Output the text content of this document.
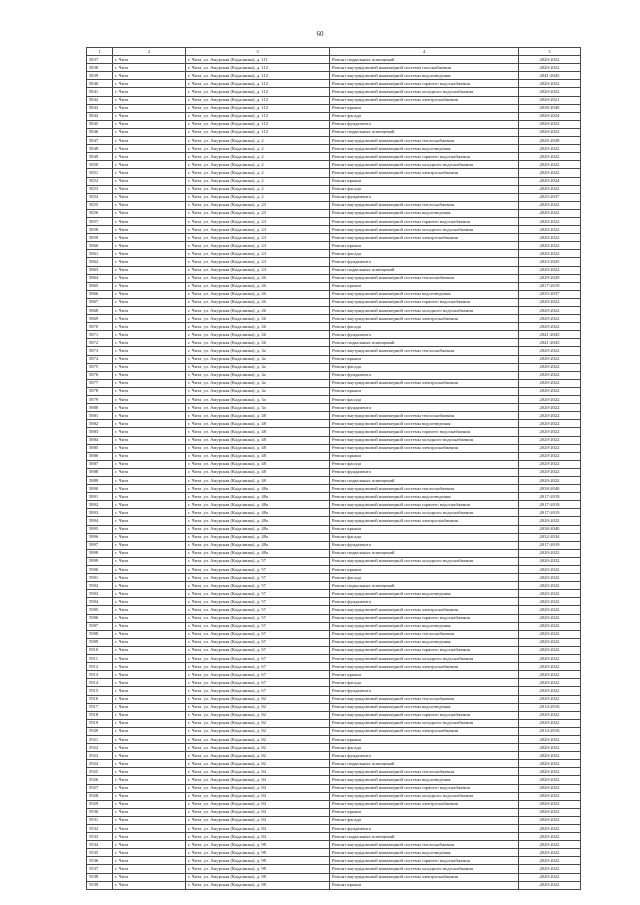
60
1	2	3	4	5
5837	г. Чита	г. Чита, ул. Амурская (Кадалинка), д. 111	Ремонт подвальных помещений	2020-2022
5838	г. Чита	г. Чита, ул. Амурская (Кадалинка), д. 112	Ремонт внутридомовой инженерной системы газоснабжения	2020-2022
5839	г. Чита	г. Чита, ул. Амурская (Кадалинка), д. 112	Ремонт внутридомовой инженерной системы водоотведения	2041-2043
5840	г. Чита	г. Чита, ул. Амурская (Кадалинка), д. 112	Ремонт внутридомовой инженерной системы горячего водоснабжения	2020-2022
5841	г. Чита	г. Чита, ул. Амурская (Кадалинка), д. 112	Ремонт внутридомовой инженерной системы холодного водоснабжения	2020-2022
5842	г. Чита	г. Чита, ул. Амурская (Кадалинка), д. 112	Ремонт внутридомовой инженерной системы электроснабжения	2020-2021
5843	г. Чита	г. Чита, ул. Амурская (Кадалинка), д. 112	Ремонт крыши	2038-2040
5844	г. Чита	г. Чита, ул. Амурская (Кадалинка), д. 112	Ремонт фасада	2020-2024
5845	г. Чита	г. Чита, ул. Амурская (Кадалинка), д. 112	Ремонт фундамента	2020-2022
5846	г. Чита	г. Чита, ул. Амурская (Кадалинка), д. 112	Ремонт подвальных помещений	2020-2022
5847	г. Чита	г. Чита, ул. Амурская (Кадалинка), д. 2	Ремонт внутридомовой инженерной системы теплоснабжения	2026-2028
5848	г. Чита	г. Чита, ул. Амурская (Кадалинка), д. 2	Ремонт внутридомовой инженерной системы водоотведения	2020-2022
5849	г. Чита	г. Чита, ул. Амурская (Кадалинка), д. 2	Ремонт внутридомовой инженерной системы горячего водоснабжения	2020-2022
5850	г. Чита	г. Чита, ул. Амурская (Кадалинка), д. 2	Ремонт внутридомовой инженерной системы холодного водоснабжения	2020-2022
5851	г. Чита	г. Чита, ул. Амурская (Кадалинка), д. 2	Ремонт внутридомовой инженерной системы электроснабжения	2020-2022
5852	г. Чита	г. Чита, ул. Амурская (Кадалинка), д. 2	Ремонт крыши	2020-2024
5853	г. Чита	г. Чита, ул. Амурская (Кадалинка), д. 2	Ремонт фасада	2020-2022
5854	г. Чита	г. Чита, ул. Амурская (Кадалинка), д. 2	Ремонт фундамента	2035-2037
5855	г. Чита	г. Чита, ул. Амурская (Кадалинка), д. 23	Ремонт внутридомовой инженерной системы теплоснабжения	2020-2022
5856	г. Чита	г. Чита, ул. Амурская (Кадалинка), д. 23	Ремонт внутридомовой инженерной системы водоотведения	2020-2022
5857	г. Чита	г. Чита, ул. Амурская (Кадалинка), д. 23	Ремонт внутридомовой инженерной системы горячего водоснабжения	2020-2022
5858	г. Чита	г. Чита, ул. Амурская (Кадалинка), д. 23	Ремонт внутридомовой инженерной системы холодного водоснабжения	2020-2022
5859	г. Чита	г. Чита, ул. Амурская (Кадалинка), д. 23	Ремонт внутридомовой инженерной системы электроснабжения	2020-2022
5860	г. Чита	г. Чита, ул. Амурская (Кадалинка), д. 23	Ремонт крыши	2020-2022
5861	г. Чита	г. Чита, ул. Амурская (Кадалинка), д. 23	Ремонт фасада	2020-2022
5862	г. Чита	г. Чита, ул. Амурская (Кадалинка), д. 23	Ремонт фундамента	2023-2025
5863	г. Чита	г. Чита, ул. Амурская (Кадалинка), д. 23	Ремонт подвальных помещений	2020-2022
5864	г. Чита	г. Чита, ул. Амурская (Кадалинка), д. 26	Ремонт внутридомовой инженерной системы теплоснабжения	2029-2029
5865	г. Чита	г. Чита, ул. Амурская (Кадалинка), д. 26	Ремонт крыши	2017-2019
5866	г. Чита	г. Чита, ул. Амурская (Кадалинка), д. 26	Ремонт внутридомовой инженерной системы водоотведения	2035-2037
5867	г. Чита	г. Чита, ул. Амурская (Кадалинка), д. 26	Ремонт внутридомовой инженерной системы горячего водоснабжения	2020-2022
5868	г. Чита	г. Чита, ул. Амурская (Кадалинка), д. 26	Ремонт внутридомовой инженерной системы холодного водоснабжения	2020-2022
5869	г. Чита	г. Чита, ул. Амурская (Кадалинка), д. 26	Ремонт внутридомовой инженерной системы электроснабжения	2020-2022
5870	г. Чита	г. Чита, ул. Амурская (Кадалинка), д. 26	Ремонт фасада	2020-2022
5871	г. Чита	г. Чита, ул. Амурская (Кадалинка), д. 26	Ремонт фундамента	2041-2043
5872	г. Чита	г. Чита, ул. Амурская (Кадалинка), д. 26	Ремонт подвальных помещений	2041-2043
5873	г. Чита	г. Чита, ул. Амурская (Кадалинка), д. 3а	Ремонт внутридомовой инженерной системы теплоснабжения	2020-2022
5874	г. Чита	г. Чита, ул. Амурская (Кадалинка), д. 3а	Ремонт крыши	2020-2022
5875	г. Чита	г. Чита, ул. Амурская (Кадалинка), д. 3а	Ремонт фасада	2020-2022
5876	г. Чита	г. Чита, ул. Амурская (Кадалинка), д. 3а	Ремонт фундамента	2020-2022
5877	г. Чита	г. Чита, ул. Амурская (Кадалинка), д. 3а	Ремонт внутридомовой инженерной системы электроснабжения	2020-2022
5878	г. Чита	г. Чита, ул. Амурская (Кадалинка), д. 3а	Ремонт крыши	2020-2022
5879	г. Чита	г. Чита, ул. Амурская (Кадалинка), д. 3а	Ремонт фасада	2020-2022
5880	г. Чита	г. Чита, ул. Амурская (Кадалинка), д. 3а	Ремонт фундамента	2020-2022
5881	г. Чита	г. Чита, ул. Амурская (Кадалинка), д. 48	Ремонт внутридомовой инженерной системы теплоснабжения	2020-2022
5882	г. Чита	г. Чита, ул. Амурская (Кадалинка), д. 48	Ремонт внутридомовой инженерной системы водоотведения	2020-2022
5883	г. Чита	г. Чита, ул. Амурская (Кадалинка), д. 48	Ремонт внутридомовой инженерной системы горячего водоснабжения	2020-2022
5884	г. Чита	г. Чита, ул. Амурская (Кадалинка), д. 48	Ремонт внутридомовой инженерной системы холодного водоснабжения	2020-2022
5885	г. Чита	г. Чита, ул. Амурская (Кадалинка), д. 48	Ремонт внутридомовой инженерной системы электроснабжения	2020-2022
5886	г. Чита	г. Чита, ул. Амурская (Кадалинка), д. 48	Ремонт крыши	2020-2022
5887	г. Чита	г. Чита, ул. Амурская (Кадалинка), д. 48	Ремонт фасада	2020-2022
5888	г. Чита	г. Чита, ул. Амурская (Кадалинка), д. 48	Ремонт фундамента	2020-2022
5889	г. Чита	г. Чита, ул. Амурская (Кадалинка), д. 48	Ремонт подвальных помещений	2020-2022
5890	г. Чита	г. Чита, ул. Амурская (Кадалинка), д. 48а	Ремонт внутридомовой инженерной системы теплоснабжения	2038-2040
5891	г. Чита	г. Чита, ул. Амурская (Кадалинка), д. 48а	Ремонт внутридомовой инженерной системы водоотведения	2017-2019
5892	г. Чита	г. Чита, ул. Амурская (Кадалинка), д. 48а	Ремонт внутридомовой инженерной системы горячего водоснабжения	2017-2019
5893	г. Чита	г. Чита, ул. Амурская (Кадалинка), д. 48а	Ремонт внутридомовой инженерной системы холодного водоснабжения	2017-2019
5894	г. Чита	г. Чита, ул. Амурская (Кадалинка), д. 48а	Ремонт внутридомовой инженерной системы электроснабжения	2020-2022
5895	г. Чита	г. Чита, ул. Амурская (Кадалинка), д. 48а	Ремонт крыши	2038-2040
5896	г. Чита	г. Чита, ул. Амурская (Кадалинка), д. 48а	Ремонт фасада	2032-2034
5897	г. Чита	г. Чита, ул. Амурская (Кадалинка), д. 48а	Ремонт фундамента	2017-2019
5898	г. Чита	г. Чита, ул. Амурская (Кадалинка), д. 48а	Ремонт подвальных помещений	2020-2022
5899	г. Чита	г. Чита, ул. Амурская (Кадалинка), д. 57	Ремонт внутридомовой инженерной системы холодного водоснабжения	2020-2022
5900	г. Чита	г. Чита, ул. Амурская (Кадалинка), д. 57	Ремонт крыши	2020-2022
5901	г. Чита	г. Чита, ул. Амурская (Кадалинка), д. 57	Ремонт фасада	2020-2022
5902	г. Чита	г. Чита, ул. Амурская (Кадалинка), д. 57	Ремонт подвальных помещений	2020-2022
5903	г. Чита	г. Чита, ул. Амурская (Кадалинка), д. 57	Ремонт внутридомовой инженерной системы водоотведения	2020-2022
5904	г. Чита	г. Чита, ул. Амурская (Кадалинка), д. 57	Ремонт фундамента	2020-2022
5905	г. Чита	г. Чита, ул. Амурская (Кадалинка), д. 57	Ремонт внутридомовой инженерной системы электроснабжения	2020-2022
5906	г. Чита	г. Чита, ул. Амурская (Кадалинка), д. 57	Ремонт внутридомовой инженерной системы горячего водоснабжения	2020-2022
5907	г. Чита	г. Чита, ул. Амурская (Кадалинка), д. 57	Ремонт внутридомовой инженерной системы водоотведения	2020-2022
5908	г. Чита	г. Чита, ул. Амурская (Кадалинка), д. 67	Ремонт внутридомовой инженерной системы теплоснабжения	2020-2022
5909	г. Чита	г. Чита, ул. Амурская (Кадалинка), д. 67	Ремонт внутридомовой инженерной системы водоотведения	2020-2022
5910	г. Чита	г. Чита, ул. Амурская (Кадалинка), д. 67	Ремонт внутридомовой инженерной системы горячего водоснабжения	2020-2022
5911	г. Чита	г. Чита, ул. Амурская (Кадалинка), д. 67	Ремонт внутридомовой инженерной системы холодного водоснабжения	2020-2022
5912	г. Чита	г. Чита, ул. Амурская (Кадалинка), д. 67	Ремонт внутридомовой инженерной системы электроснабжения	2020-2022
5913	г. Чита	г. Чита, ул. Амурская (Кадалинка), д. 67	Ремонт крыши	2020-2022
5914	г. Чита	г. Чита, ул. Амурская (Кадалинка), д. 67	Ремонт фасада	2020-2022
5915	г. Чита	г. Чита, ул. Амурская (Кадалинка), д. 67	Ремонт фундамента	2020-2022
5916	г. Чита	г. Чита, ул. Амурская (Кадалинка), д. 82	Ремонт внутридомовой инженерной системы теплоснабжения	2020-2022
5917	г. Чита	г. Чита, ул. Амурская (Кадалинка), д. 82	Ремонт внутридомовой инженерной системы водоотведения	2014-2016
5918	г. Чита	г. Чита, ул. Амурская (Кадалинка), д. 82	Ремонт внутридомовой инженерной системы горячего водоснабжения	2020-2022
5919	г. Чита	г. Чита, ул. Амурская (Кадалинка), д. 82	Ремонт внутридомовой инженерной системы холодного водоснабжения	2020-2022
5920	г. Чита	г. Чита, ул. Амурская (Кадалинка), д. 82	Ремонт внутридомовой инженерной системы электроснабжения	2014-2016
5921	г. Чита	г. Чита, ул. Амурская (Кадалинка), д. 82	Ремонт крыши	2020-2022
5922	г. Чита	г. Чита, ул. Амурская (Кадалинка), д. 82	Ремонт фасада	2020-2022
5923	г. Чита	г. Чита, ул. Амурская (Кадалинка), д. 82	Ремонт фундамента	2020-2022
5924	г. Чита	г. Чита, ул. Амурская (Кадалинка), д. 82	Ремонт подвальных помещений	2020-2022
5925	г. Чита	г. Чита, ул. Амурская (Кадалинка), д. 84	Ремонт внутридомовой инженерной системы теплоснабжения	2020-2022
5926	г. Чита	г. Чита, ул. Амурская (Кадалинка), д. 84	Ремонт внутридомовой инженерной системы водоотведения	2020-2022
5927	г. Чита	г. Чита, ул. Амурская (Кадалинка), д. 84	Ремонт внутридомовой инженерной системы горячего водоснабжения	2020-2022
5928	г. Чита	г. Чита, ул. Амурская (Кадалинка), д. 84	Ремонт внутридомовой инженерной системы холодного водоснабжения	2020-2022
5929	г. Чита	г. Чита, ул. Амурская (Кадалинка), д. 84	Ремонт внутридомовой инженерной системы электроснабжения	2020-2022
5930	г. Чита	г. Чита, ул. Амурская (Кадалинка), д. 84	Ремонт крыши	2020-2022
5931	г. Чита	г. Чита, ул. Амурская (Кадалинка), д. 84	Ремонт фасада	2020-2022
5932	г. Чита	г. Чита, ул. Амурская (Кадалинка), д. 84	Ремонт фундамента	2020-2022
5933	г. Чита	г. Чита, ул. Амурская (Кадалинка), д. 84	Ремонт подвальных помещений	2020-2022
5934	г. Чита	г. Чита, ул. Амурская (Кадалинка), д. 98	Ремонт внутридомовой инженерной системы теплоснабжения	2020-2022
5935	г. Чита	г. Чита, ул. Амурская (Кадалинка), д. 98	Ремонт внутридомовой инженерной системы водоотведения	2020-2022
5936	г. Чита	г. Чита, ул. Амурская (Кадалинка), д. 98	Ремонт внутридомовой инженерной системы горячего водоснабжения	2020-2022
5937	г. Чита	г. Чита, ул. Амурская (Кадалинка), д. 98	Ремонт внутридомовой инженерной системы холодного водоснабжения	2020-2022
5938	г. Чита	г. Чита, ул. Амурская (Кадалинка), д. 98	Ремонт внутридомовой инженерной системы электроснабжения	2020-2022
5939	г. Чита	г. Чита, ул. Амурская (Кадалинка), д. 98	Ремонт крыши	2020-2022
